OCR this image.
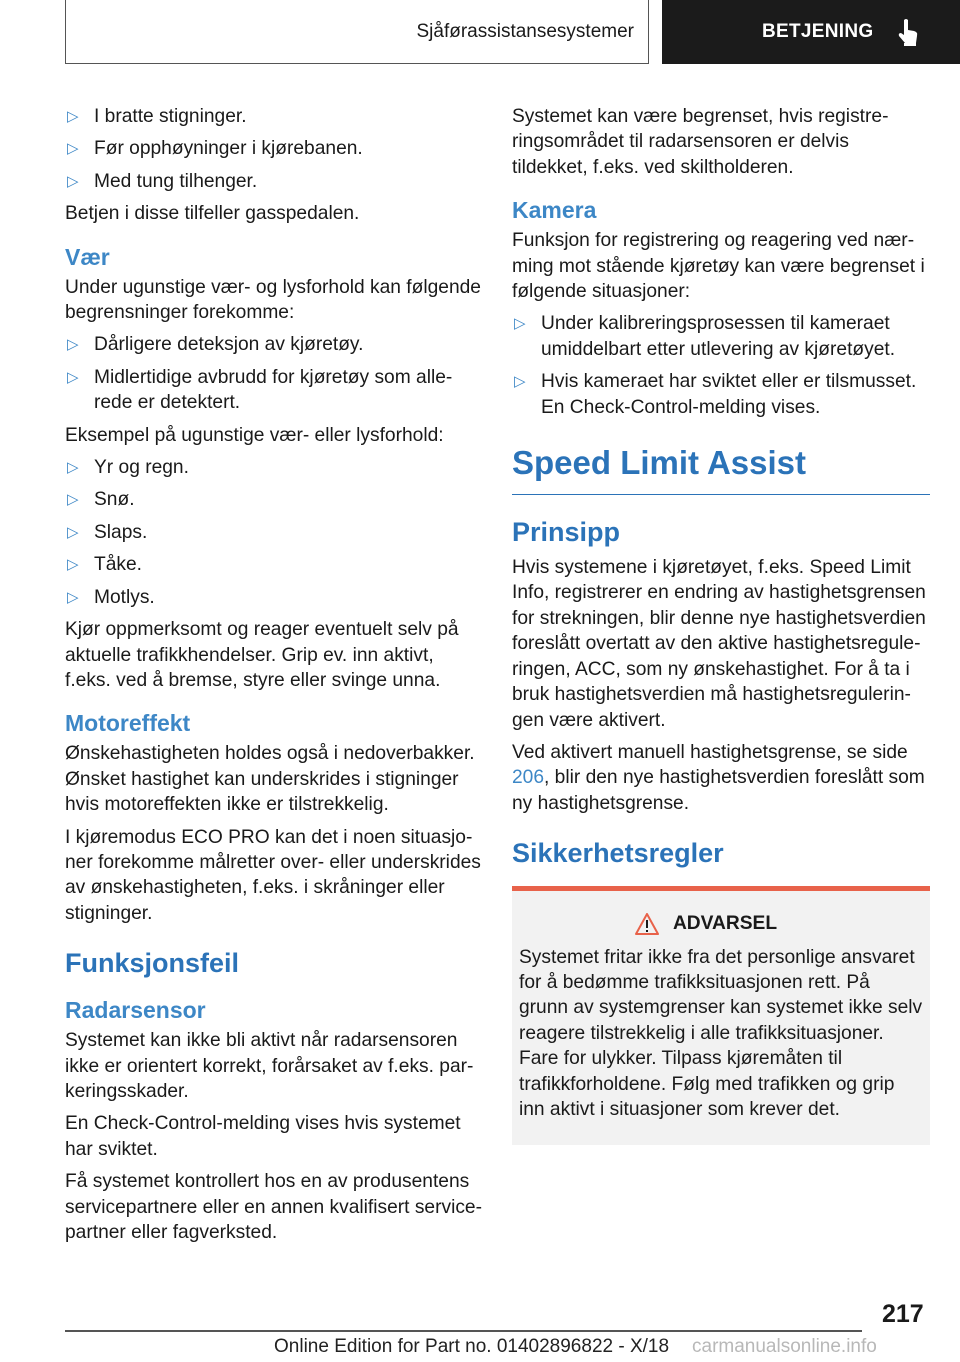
Sjåførassistansesystemer	BETJENING
▷ I bratte stigninger.
▷ Før opphøyninger i kjørebanen.
▷ Med tung tilhenger.

Betjen i disse tilfeller gasspedalen.

Vær

Under ugunstige vær- og lysforhold kan følgende begrensninger forekomme:

▷ Dårligere deteksjon av kjøretøy.
▷ Midlertidige avbrudd for kjøretøy som allerede er detektert.

Eksempel på ugunstige vær- eller lysforhold:

▷ Yr og regn.
▷ Snø.
▷ Slaps.
▷ Tåke.
▷ Motlys.

Kjør oppmerksomt og reager eventuelt selv på aktuelle trafikkhendelser. Grip ev. inn aktivt, f.eks. ved å bremse, styre eller svinge unna.

Motoreffekt

Ønskehastigheten holdes også i nedoverbakker. Ønsket hastighet kan underskrides i stigninger hvis motoreffekten ikke er tilstrekkelig.

I kjøremodus ECO PRO kan det i noen situasjoner forekomme målretter over- eller underskrides av ønskehastigheten, f.eks. i skråninger eller stigninger.

Funksjonsfeil
Radarsensor

Systemet kan ikke bli aktivt når radarsensoren ikke er orientert korrekt, forårsaket av f.eks. parkeringsskader.

En Check-Control-melding vises hvis systemet har sviktet.

Få systemet kontrollert hos en av produsentens servicepartnere eller en annen kvalifisert servicepartner eller fagverksted.

Systemet kan være begrenset, hvis registreringsområdet til radarsensoren er delvis tildekket, f.eks. ved skiltholderen.

Kamera

Funksjon for registrering og reagering ved nærming mot stående kjøretøy kan være begrenset i følgende situasjoner:

▷ Under kalibreringsprosessen til kameraet umiddelbart etter utlevering av kjøretøyet.
▷ Hvis kameraet har sviktet eller er tilsmusset. En Check-Control-melding vises.
Speed Limit Assist
Prinsipp

Hvis systemene i kjøretøyet, f.eks. Speed Limit Info, registrerer en endring av hastighetsgrensen for strekningen, blir denne nye hastighetsverdien foreslått overtatt av den aktive hastighetsreguleringen, ACC, som ny ønskehastighet. For å ta i bruk hastighetsverdien må hastighetsreguleringen være aktivert.

Ved aktivert manuell hastighetsgrense, se side 206, blir den nye hastighetsverdien foreslått som ny hastighetsgrense.

Sikkerhetsregler
ADVARSEL

Systemet fritar ikke fra det personlige ansvaret for å bedømme trafikksituasjonen rett. På grunn av systemgrenser kan systemet ikke selv reagere tilstrekkelig i alle trafikksituasjoner. Fare for ulykker. Tilpass kjøremåten til trafikkforholdene. Følg med trafikken og grip inn aktivt i situasjoner som krever det.

217
Online Edition for Part no. 01402896822 - X/18 carmanualsonline.info
